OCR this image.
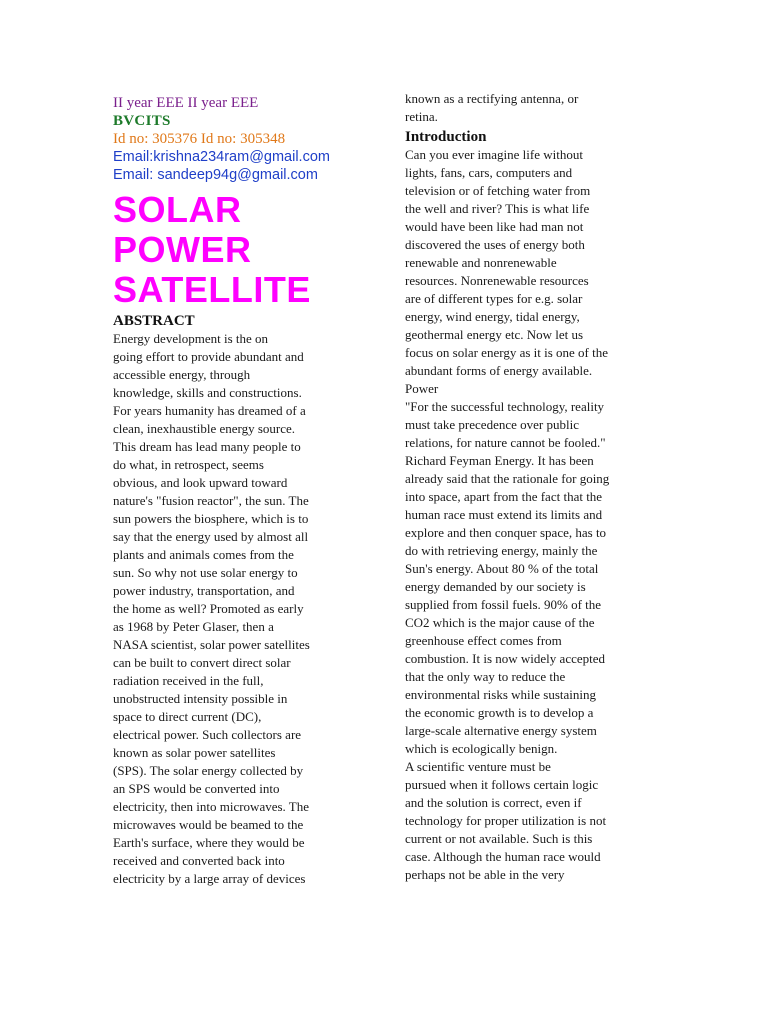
II year EEE II year EEE
BVCITS
Id no: 305376 Id no: 305348
Email:krishna234ram@gmail.com
Email: sandeep94g@gmail.com
SOLAR
POWER
SATELLITE
ABSTRACT
Energy development is the on
going effort to provide abundant and
accessible energy, through
knowledge, skills and constructions.
For years humanity has dreamed of a
clean, inexhaustible energy source.
This dream has lead many people to
do what, in retrospect, seems
obvious, and look upward toward
nature's "fusion reactor", the sun. The
sun powers the biosphere, which is to
say that the energy used by almost all
plants and animals comes from the
sun. So why not use solar energy to
power industry, transportation, and
the home as well? Promoted as early
as 1968 by Peter Glaser, then a
NASA scientist, solar power satellites
can be built to convert direct solar
radiation received in the full,
unobstructed intensity possible in
space to direct current (DC),
electrical power. Such collectors are
known as solar power satellites
(SPS). The solar energy collected by
an SPS would be converted into
electricity, then into microwaves. The
microwaves would be beamed to the
Earth's surface, where they would be
received and converted back into
electricity by a large array of devices
known as a rectifying antenna, or
retina.
Introduction
Can you ever imagine life without
lights, fans, cars, computers and
television or of fetching water from
the well and river? This is what life
would have been like had man not
discovered the uses of energy both
renewable and nonrenewable
resources. Nonrenewable resources
are of different types for e.g. solar
energy, wind energy, tidal energy,
geothermal energy etc. Now let us
focus on solar energy as it is one of the
abundant forms of energy available.
Power
"For the successful technology, reality
must take precedence over public
relations, for nature cannot be fooled."
Richard Feyman Energy. It has been
already said that the rationale for going
into space, apart from the fact that the
human race must extend its limits and
explore and then conquer space, has to
do with retrieving energy, mainly the
Sun's energy. About 80 % of the total
energy demanded by our society is
supplied from fossil fuels. 90% of the
CO2 which is the major cause of the
greenhouse effect comes from
combustion. It is now widely accepted
that the only way to reduce the
environmental risks while sustaining
the economic growth is to develop a
large-scale alternative energy system
which is ecologically benign.
A scientific venture must be
pursued when it follows certain logic
and the solution is correct, even if
technology for proper utilization is not
current or not available. Such is this
case. Although the human race would
perhaps not be able in the very
